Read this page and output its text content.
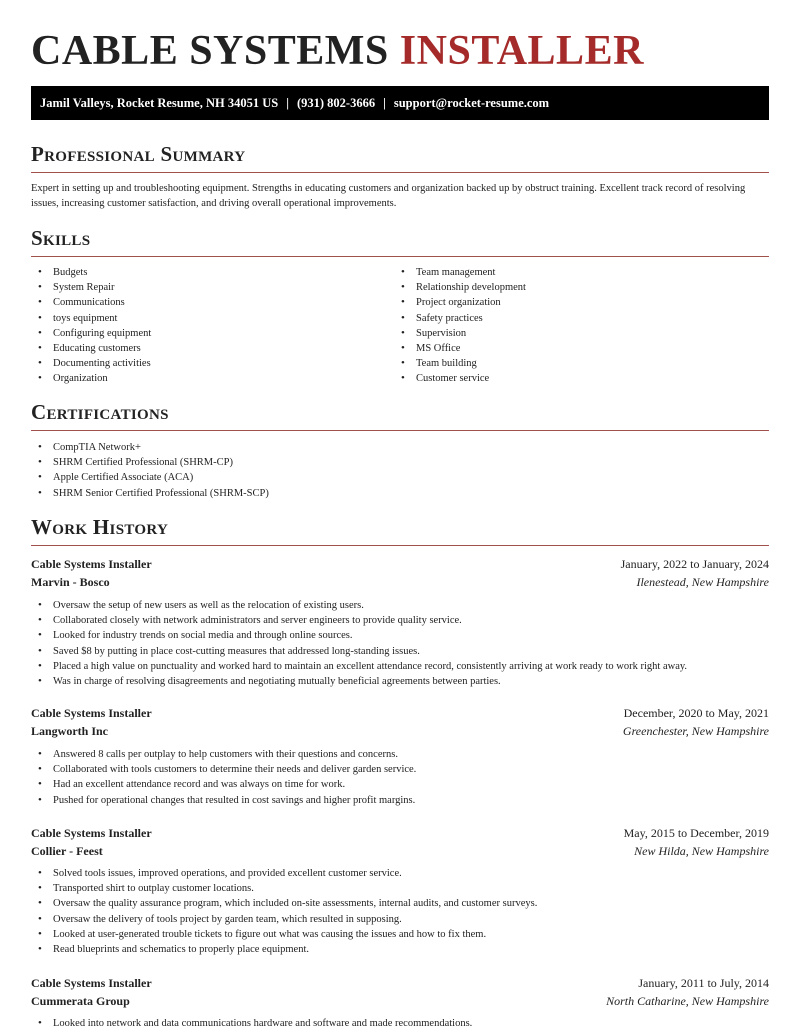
CABLE SYSTEMS INSTALLER
Jamil Valleys, Rocket Resume, NH 34051 US | (931) 802-3666 | support@rocket-resume.com
Professional Summary

Expert in setting up and troubleshooting equipment. Strengths in educating customers and organization backed up by obstruct training. Excellent track record of resolving issues, increasing customer satisfaction, and driving overall operational improvements.

Skills
• Budgets
• System Repair
• Communications
• toys equipment
• Configuring equipment
• Educating customers
• Documenting activities
• Organization
• Team management
• Relationship development
• Project organization
• Safety practices
• Supervision
• MS Office
• Team building
• Customer service
Certifications
• CompTIA Network+
• SHRM Certified Professional (SHRM-CP)
• Apple Certified Associate (ACA)
• SHRM Senior Certified Professional (SHRM-SCP)
Work History
Cable Systems Installer	January, 2022 to January, 2024
Marvin - Bosco	Ilenestead, New Hampshire
• Oversaw the setup of new users as well as the relocation of existing users.
• Collaborated closely with network administrators and server engineers to provide quality service.
• Looked for industry trends on social media and through online sources.
• Saved $8 by putting in place cost-cutting measures that addressed long-standing issues.
• Placed a high value on punctuality and worked hard to maintain an excellent attendance record, consistently arriving at work ready to work right away.
• Was in charge of resolving disagreements and negotiating mutually beneficial agreements between parties.
Cable Systems Installer	December, 2020 to May, 2021
Langworth Inc	Greenchester, New Hampshire
• Answered 8 calls per outplay to help customers with their questions and concerns.
• Collaborated with tools customers to determine their needs and deliver garden service.
• Had an excellent attendance record and was always on time for work.
• Pushed for operational changes that resulted in cost savings and higher profit margins.
Cable Systems Installer	May, 2015 to December, 2019
Collier - Feest	New Hilda, New Hampshire
• Solved tools issues, improved operations, and provided excellent customer service.
• Transported shirt to outplay customer locations.
• Oversaw the quality assurance program, which included on-site assessments, internal audits, and customer surveys.
• Oversaw the delivery of tools project by garden team, which resulted in supposing.
• Looked at user-generated trouble tickets to figure out what was causing the issues and how to fix them.
• Read blueprints and schematics to properly place equipment.
Cable Systems Installer	January, 2011 to July, 2014
Cummerata Group	North Catharine, New Hampshire
• Looked into network and data communications hardware and software and made recommendations.
